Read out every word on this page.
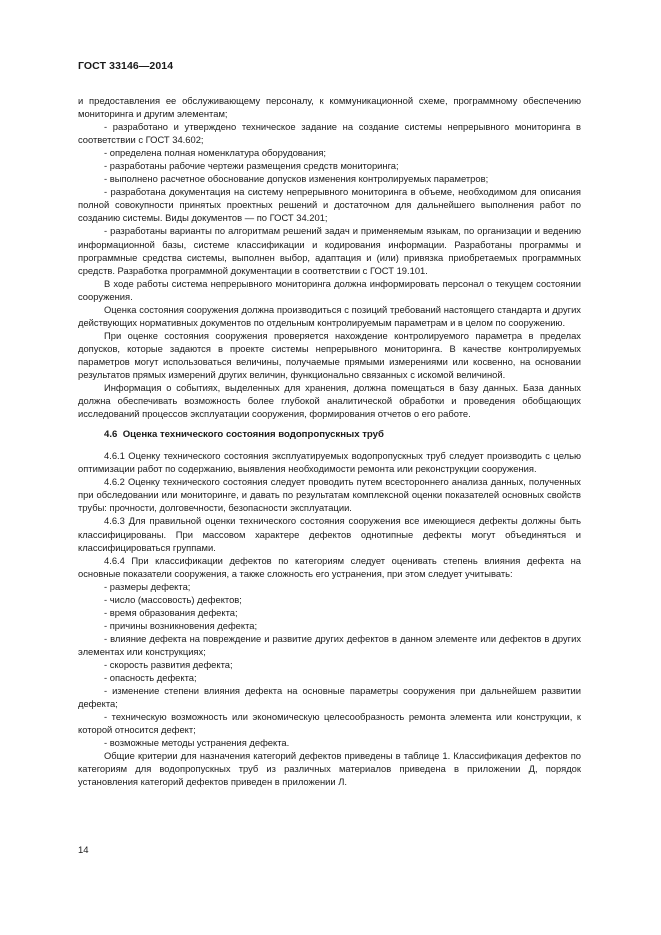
ГОСТ 33146—2014

и предоставления ее обслуживающему персоналу, к коммуникационной схеме, программному обеспечению мониторинга и другим элементам;

- разработано и утверждено техническое задание на создание системы непрерывного мониторинга в соответствии с ГОСТ 34.602;

- определена полная номенклатура оборудования;

- разработаны рабочие чертежи размещения средств мониторинга;

- выполнено расчетное обоснование допусков изменения контролируемых параметров;

- разработана документация на систему непрерывного мониторинга в объеме, необходимом для описания полной совокупности принятых проектных решений и достаточном для дальнейшего выполнения работ по созданию системы. Виды документов — по ГОСТ 34.201;

- разработаны варианты по алгоритмам решений задач и применяемым языкам, по организации и ведению информационной базы, системе классификации и кодирования информации. Разработаны программы и программные средства системы, выполнен выбор, адаптация и (или) привязка приобретаемых программных средств. Разработка программной документации в соответствии с ГОСТ 19.101.

В ходе работы система непрерывного мониторинга должна информировать персонал о текущем состоянии сооружения.

Оценка состояния сооружения должна производиться с позиций требований настоящего стандарта и других действующих нормативных документов по отдельным контролируемым параметрам и в целом по сооружению.

При оценке состояния сооружения проверяется нахождение контролируемого параметра в пределах допусков, которые задаются в проекте системы непрерывного мониторинга. В качестве контролируемых параметров могут использоваться величины, получаемые прямыми измерениями или косвенно, на основании результатов прямых измерений других величин, функционально связанных с искомой величиной.

Информация о событиях, выделенных для хранения, должна помещаться в базу данных. База данных должна обеспечивать возможность более глубокой аналитической обработки и проведения обобщающих исследований процессов эксплуатации сооружения, формирования отчетов о его работе.

4.6 Оценка технического состояния водопропускных труб

4.6.1 Оценку технического состояния эксплуатируемых водопропускных труб следует производить с целью оптимизации работ по содержанию, выявления необходимости ремонта или реконструкции сооружения.

4.6.2 Оценку технического состояния следует проводить путем всестороннего анализа данных, полученных при обследовании или мониторинге, и давать по результатам комплексной оценки показателей основных свойств трубы: прочности, долговечности, безопасности эксплуатации.

4.6.3 Для правильной оценки технического состояния сооружения все имеющиеся дефекты должны быть классифицированы. При массовом характере дефектов однотипные дефекты могут объединяться и классифицироваться группами.

4.6.4 При классификации дефектов по категориям следует оценивать степень влияния дефекта на основные показатели сооружения, а также сложность его устранения, при этом следует учитывать:

- размеры дефекта;

- число (массовость) дефектов;

- время образования дефекта;

- причины возникновения дефекта;

- влияние дефекта на повреждение и развитие других дефектов в данном элементе или дефектов в других элементах или конструкциях;

- скорость развития дефекта;

- опасность дефекта;

- изменение степени влияния дефекта на основные параметры сооружения при дальнейшем развитии дефекта;

- техническую возможность или экономическую целесообразность ремонта элемента или конструкции, к которой относится дефект;

- возможные методы устранения дефекта.

Общие критерии для назначения категорий дефектов приведены в таблице 1. Классификация дефектов по категориям для водопропускных труб из различных материалов приведена в приложении Д, порядок установления категорий дефектов приведен в приложении Л.

14
